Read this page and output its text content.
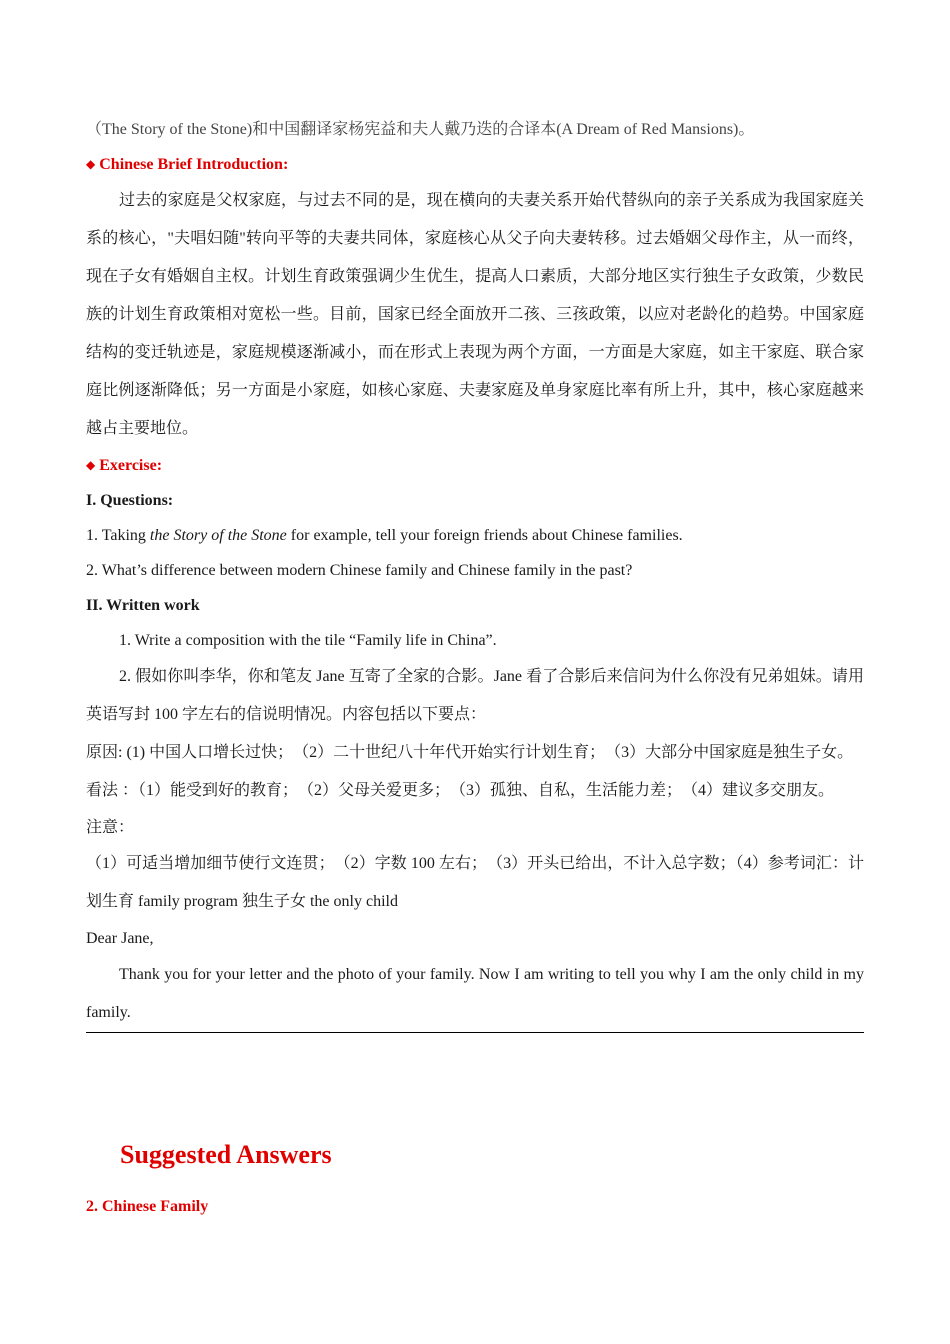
（The Story of the Stone)和中国翻译家杨宪益和夫人戴乃迭的合译本(A Dream of Red Mansions)。

◆ Chinese Brief Introduction:

过去的家庭是父权家庭，与过去不同的是，现在横向的夫妻关系开始代替纵向的亲子关系成为我国家庭关系的核心，"夫唱妇随"转向平等的夫妻共同体，家庭核心从父子向夫妻转移。过去婚姻父母作主，从一而终，现在子女有婚姻自主权。计划生育政策强调少生优生，提高人口素质，大部分地区实行独生子女政策，少数民族的计划生育政策相对宽松一些。目前，国家已经全面放开二孩、三孩政策，以应对老龄化的趋势。中国家庭结构的变迁轨迹是，家庭规模逐渐减小，而在形式上表现为两个方面，一方面是大家庭，如主干家庭、联合家庭比例逐渐降低；另一方面是小家庭，如核心家庭、夫妻家庭及单身家庭比率有所上升，其中，核心家庭越来越占主要地位。

◆ Exercise:

I. Questions:

1. Taking the Story of the Stone for example, tell your foreign friends about Chinese families.

2. What’s difference between modern Chinese family and Chinese family in the past?

II. Written work

1. Write a composition with the tile “Family life in China”.

2. 假如你叫李华，你和笔友 Jane 互寄了全家的合影。Jane 看了合影后来信问为什么你没有兄弟姐妹。请用英语写封 100 字左右的信说明情况。内容包括以下要点：

原因: (1) 中国人口增长过快；　（2）二十世纪八十年代开始实行计划生育；　（3）大部分中国家庭是独生子女。

看法 ：（1）能受到好的教育；　（2）父母关爱更多；　（3）孤独、自私，生活能力差；　（4）建议多交朋友。

注意：

（1）可适当增加细节使行文连贯；　（2）字数 100 左右；　（3）开头已给出，不计入总字数；（4）参考词汇：计划生育 family program 独生子女 the only child

Dear Jane,

Thank you for your letter and the photo of your family. Now I am writing to tell you why I am the only child in my family.

Suggested Answers
2. Chinese Family
